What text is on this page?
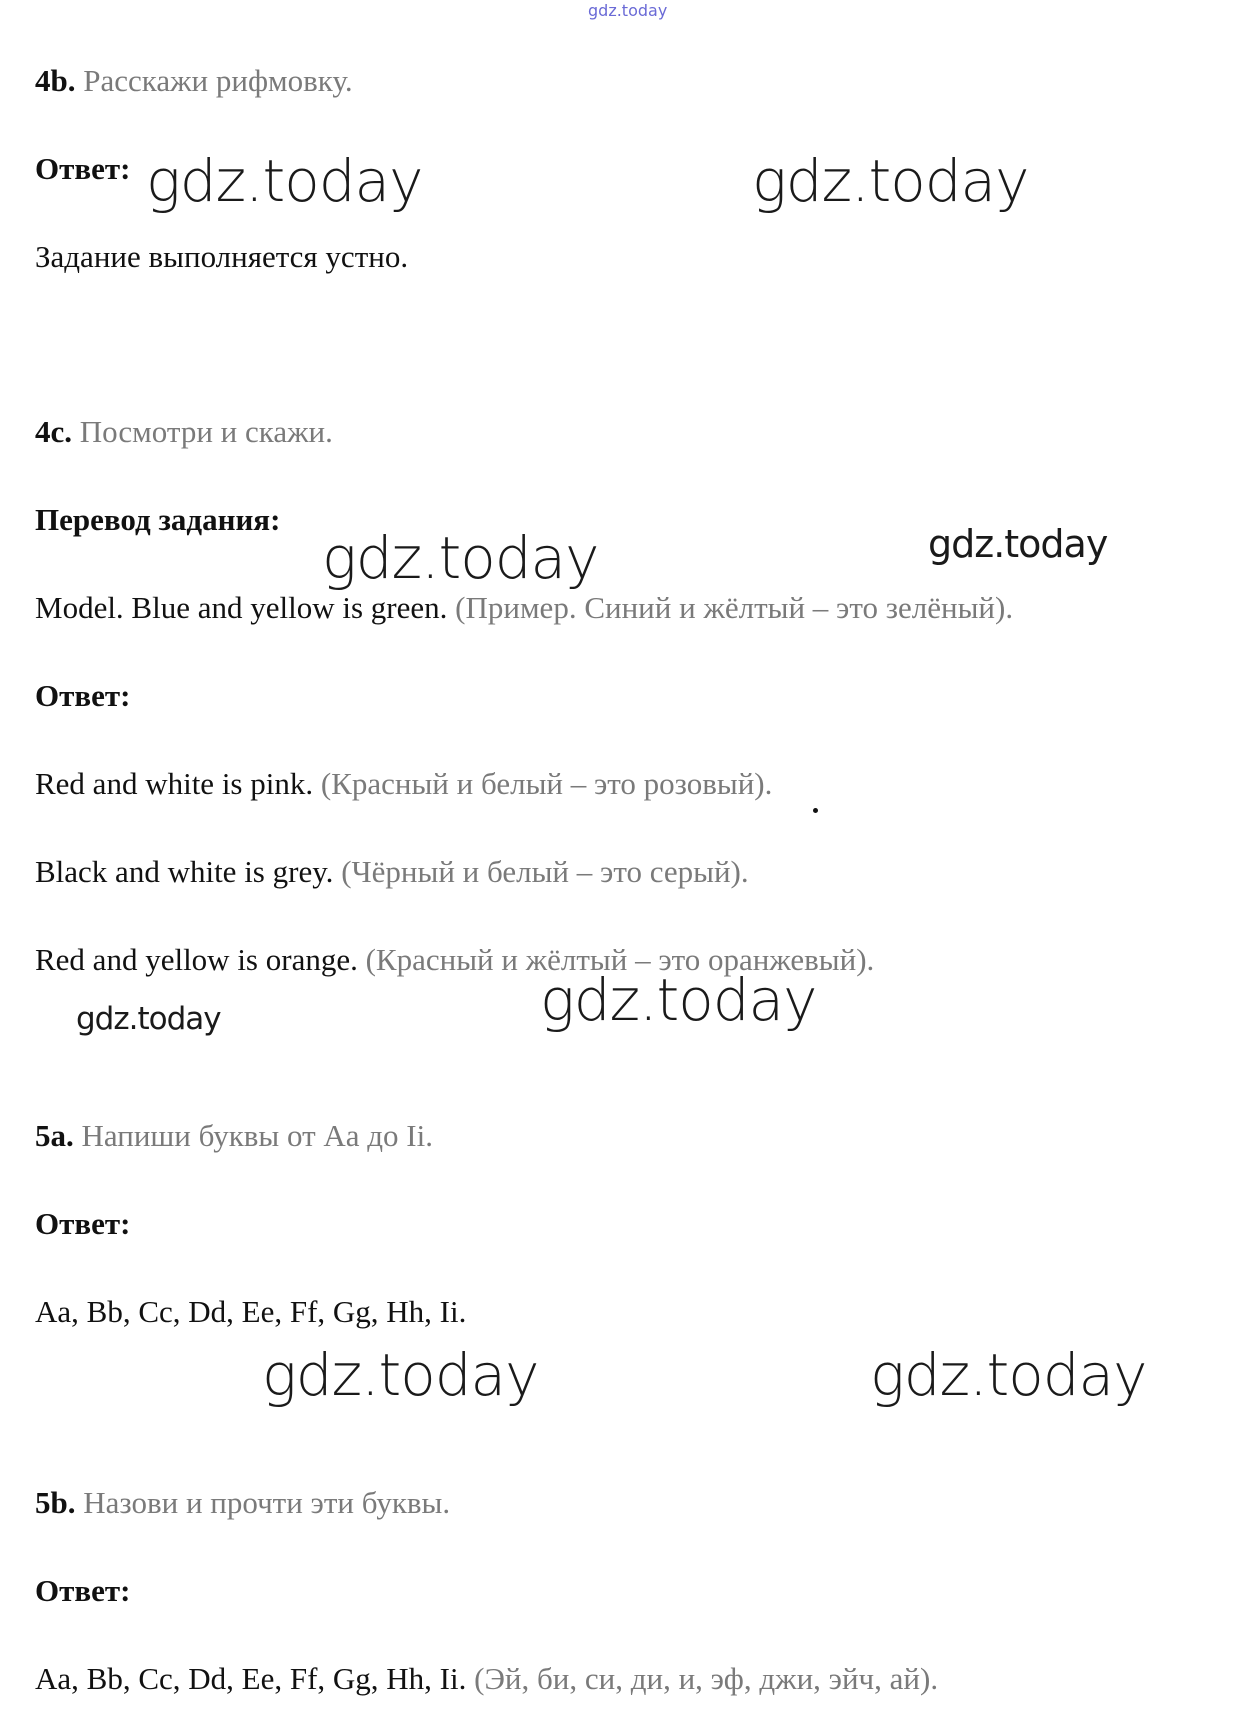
gdz.today
gdz.today	gdz.today
gdz.today	gdz.today
gdz.today	gdz.today
gdz.today	gdz.today
4b. Расскажи рифмовку.
Ответ:
Задание выполняется устно.
4c. Посмотри и скажи.
Перевод задания:
Model. Blue and yellow is green. (Пример. Синий и жёлтый – это зелёный).
Ответ:
Red and white is pink. (Красный и белый – это розовый).
Black and white is grey. (Чёрный и белый – это серый).
Red and yellow is orange. (Красный и жёлтый – это оранжевый).
5a. Напиши буквы от Aa до Ii.
Ответ:
Aa, Bb, Cc, Dd, Ee, Ff, Gg, Hh, Ii.
5b. Назови и прочти эти буквы.
Ответ:
Aa, Bb, Cc, Dd, Ee, Ff, Gg, Hh, Ii. (Эй, би, си, ди, и, эф, джи, эйч, ай).
